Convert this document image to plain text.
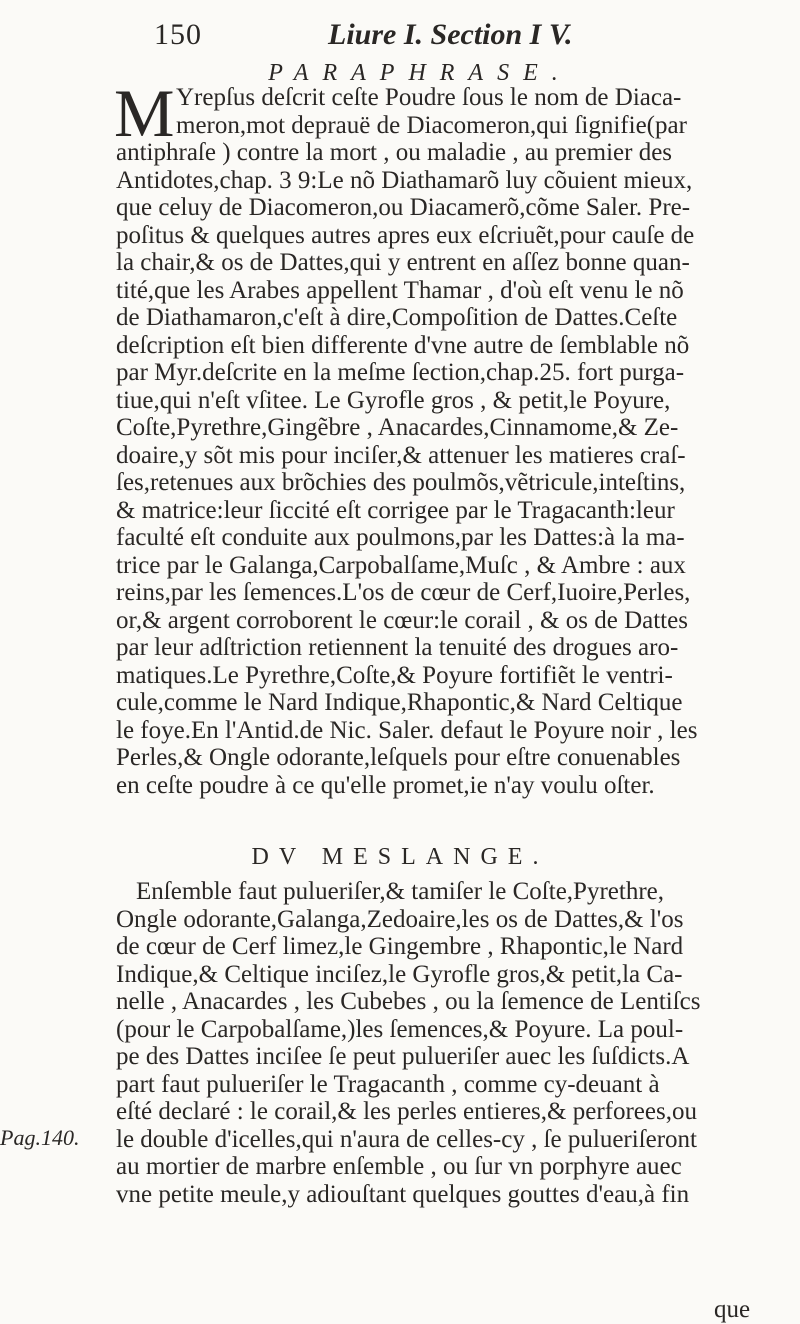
150	Liure I. Section I V.
PARAPHRASE.
M Yrepſus deſcrit ceſte Poudre ſous le nom de Diaca-
meron,mot deprauë de Diacomeron,qui ſignifie(par
antiphraſe ) contre la mort , ou maladie , au premier des
Antidotes,chap. 3 9:Le nõ Diathamarõ luy cõuient mieux,
que celuy de Diacomeron,ou Diacamerõ,cõme Saler. Pre-
poſitus & quelques autres apres eux eſcriuẽt,pour cauſe de
la chair,& os de Dattes,qui y entrent en aſſez bonne quan-
tité,que les Arabes appellent Thamar , d'où eſt venu le nõ
de Diathamaron,c'eſt à dire,Compoſition de Dattes.Ceſte
deſcription eſt bien differente d'vne autre de ſemblable nõ
par Myr.deſcrite en la meſme ſection,chap.25. fort purga-
tiue,qui n'eſt vſitee. Le Gyrofle gros , & petit,le Poyure,
Coſte,Pyrethre,Gingẽbre , Anacardes,Cinnamome,& Ze-
doaire,y sõt mis pour inciſer,& attenuer les matieres craſ-
ſes,retenues aux brõchies des poulmõs,vẽtricule,inteſtins,
& matrice:leur ſiccité eſt corrigee par le Tragacanth:leur
faculté eſt conduite aux poulmons,par les Dattes:à la ma-
trice par le Galanga,Carpobalſame,Muſc , & Ambre : aux
reins,par les ſemences.L'os de cœur de Cerf,Iuoire,Perles,
or,& argent corroborent le cœur:le corail , & os de Dattes
par leur adſtriction retiennent la tenuité des drogues aro-
matiques.Le Pyrethre,Coſte,& Poyure fortifiẽt le ventri-
cule,comme le Nard Indique,Rhapontic,& Nard Celtique
le foye.En l'Antid.de Nic. Saler. defaut le Poyure noir , les
Perles,& Ongle odorante,leſquels pour eſtre conuenables
en ceſte poudre à ce qu'elle promet,ie n'ay voulu oſter.
DV MESLANGE.
Enſemble faut pulueriſer,& tamiſer le Coſte,Pyrethre,
Ongle odorante,Galanga,Zedoaire,les os de Dattes,& l'os
de cœur de Cerf limez,le Gingembre , Rhapontic,le Nard
Indique,& Celtique inciſez,le Gyrofle gros,& petit,la Ca-
nelle , Anacardes , les Cubebes , ou la ſemence de Lentiſcs
(pour le Carpobalſame,)les ſemences,& Poyure. La poul-
pe des Dattes inciſee ſe peut pulueriſer auec les ſuſdicts.A
part faut pulueriſer le Tragacanth , comme cy-deuant à
eſté declaré : le corail,& les perles entieres,& perforees,ou
le double d'icelles,qui n'aura de celles-cy , ſe pulueriſeront
au mortier de marbre enſemble , ou ſur vn porphyre auec
vne petite meule,y adiouſtant quelques gouttes d'eau,à fin
Pag.140.
que
